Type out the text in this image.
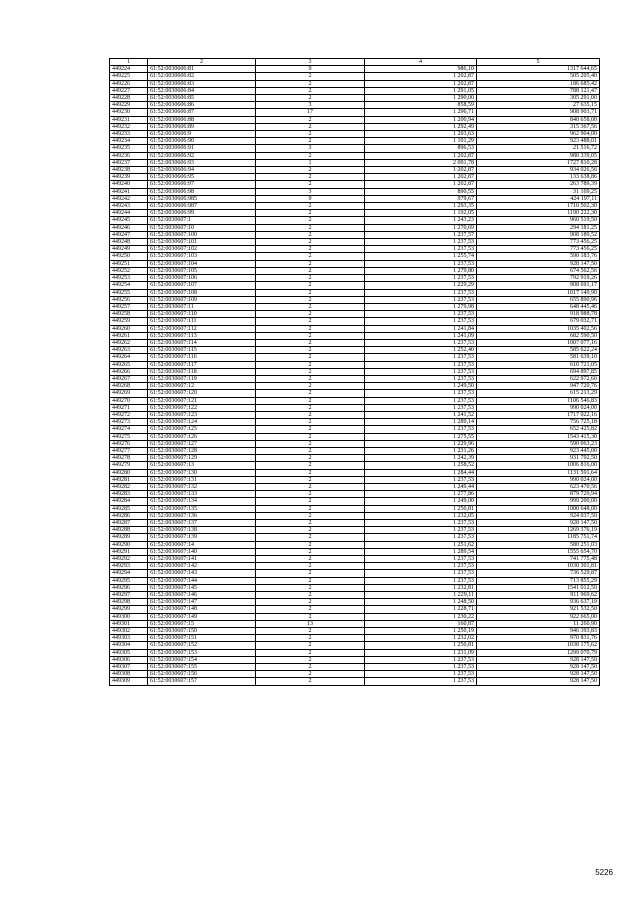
1	2	3	4	5
449224	61:52:0030606:81	9	986,10	1317 644,65
449225	61:52:0030606:82	2	1 202,87	505 205,40
449226	61:52:0030606:83	2	1 202,87	186 685,42
449227	61:52:0030606:84	2	1 291,05	788 121,47
449228	61:52:0030606:85	2	1 290,00	305 291,00
449229	61:52:0030606:86	3	858,59	27 635,15
449230	61:52:0030606:87	17	1 296,71	908 903,71
449231	61:52:0030606:88	2	1 200,94	840 658,00
449232	61:52:0030606:89	2	1 292,49	315 367,56
449233	61:52:0030606:9	2	1 203,63	962 904,00
449234	61:52:0030606:90	2	1 101,29	923 488,01
449235	61:52:0030606:91	3	896,53	21 516,72
449236	61:52:0030606:92	2	1 202,87	980 339,05
449237	61:52:0030606:93	1	2 091,78	1727 810,28
449238	61:52:0030606:94	2	1 202,87	934 026,56
449239	61:52:0030606:95	2	1 202,87	133 638,86
449240	61:52:0030606:97	2	1 202,87	263 789,39
449241	61:52:0030606:98	3	890,55	31 169,25
449242	61:52:0030606:985	9	979,67	424 197,11
449243	61:52:0030606:987	2	1 293,35	1710 502,30
449244	61:52:0030606:99	2	1 192,05	1190 222,30
449245	61:52:0030607:1	2	1 243,23	960 519,50
449246	61:52:0030607:10	2	1 270,69	294 181,25
449247	61:52:0030607:100	2	1 237,57	908 189,52
449248	61:52:0030607:101	2	1 237,53	773 456,25
449249	61:52:0030607:102	2	1 237,53	773 456,25
449250	61:52:0030607:103	2	1 255,74	590 183,76
449251	61:52:0030607:104	2	1 237,53	928 147,50
449252	61:52:0030607:105	2	1 279,80	674 562,56
449253	61:52:0030607:106	2	1 237,53	792 919,26
449254	61:52:0030607:107	2	1 229,29	908 691,17
449255	61:52:0030607:108	2	1 237,53	1017 149,90
449256	61:52:0030607:109	2	1 237,53	655 890,96
449257	61:52:0030607:11	2	1 279,98	648 445,46
449258	61:52:0030607:110	2	1 237,53	918 988,78
449259	61:52:0030607:111	2	1 237,53	679 032,71
449260	61:52:0030607:112	2	1 241,84	1035 402,56
449261	61:52:0030607:113	2	1 241,09	682 590,50
449262	61:52:0030607:114	2	1 237,53	1007 077,16
449263	61:52:0030607:115	2	1 252,40	585 622,24
449264	61:52:0030607:116	2	1 237,53	581 639,10
449265	61:52:0030607:117	2	1 237,53	610 721,05
449266	61:52:0030607:118	2	1 237,53	694 897,85
449267	61:52:0030607:119	2	1 237,53	622 972,60
449268	61:52:0030607:12	2	1 249,50	947 720,76
449269	61:52:0030607:120	2	1 237,53	615 213,29
449270	61:52:0030607:121	2	1 237,53	1106 546,83
449271	61:52:0030607:122	2	1 237,53	990 024,00
449272	61:52:0030607:123	2	1 241,52	1717 022,16
449273	61:52:0030607:124	2	1 289,14	756 725,18
449274	61:52:0030607:125	2	1 237,53	652 425,82
449275	61:52:0030607:126	2	1 275,55	1543 415,30
449276	61:52:0030607:127	2	1 229,96	590 063,23
449277	61:52:0030607:128	2	1 231,26	923 445,00
449278	61:52:0030607:129	2	1 242,39	931 792,50
449279	61:52:0030607:13	2	1 258,52	1006 816,00
449280	61:52:0030607:130	2	1 284,44	1131 591,64
449281	61:52:0030607:131	2	1 237,53	990 024,00
449282	61:52:0030607:132	2	1 249,44	623 470,56
449283	61:52:0030607:133	2	1 277,86	879 729,94
449284	61:52:0030607:134	2	1 249,00	999 200,00
449285	61:52:0030607:135	2	1 250,81	1000 648,00
449286	61:52:0030607:136	2	1 232,05	924 037,50
449287	61:52:0030607:137	2	1 237,53	928 147,50
449288	61:52:0030607:138	2	1 237,53	1269 376,19
449289	61:52:0030607:139	2	1 237,53	1185 751,74
449290	61:52:0030607:14	2	1 251,62	580 251,03
449291	61:52:0030607:140	2	1 289,54	1555 654,70
449292	61:52:0030607:141	2	1 237,53	741 775,48
449293	61:52:0030607:142	2	1 237,53	1030 301,81
449294	61:52:0030607:143	2	1 237,53	736 529,87
449295	61:52:0030607:144	2	1 237,53	713 855,29
449296	61:52:0030607:145	2	1 232,81	1541 012,50
449297	61:52:0030607:146	2	1 229,11	911 969,62
449298	61:52:0030607:147	2	1 248,50	936 637,19
449299	61:52:0030607:148	2	1 228,71	921 532,50
449300	61:52:0030607:149	2	1 230,22	922 665,00
449301	61:52:0030607:15	13	160,87	11 260,90
449302	61:52:0030607:150	2	1 250,19	946 393,83
449303	61:52:0030607:151	2	1 232,02	970 831,76
449304	61:52:0030607:152	2	1 250,81	1038 175,62
449305	61:52:0030607:153	2	1 231,09	1299 070,79
449306	61:52:0030607:154	2	1 237,53	928 147,50
449307	61:52:0030607:155	2	1 237,53	928 147,50
449308	61:52:0030607:156	2	1 237,53	928 147,50
449309	61:52:0030607:157	2	1 237,53	928 147,50
5226
